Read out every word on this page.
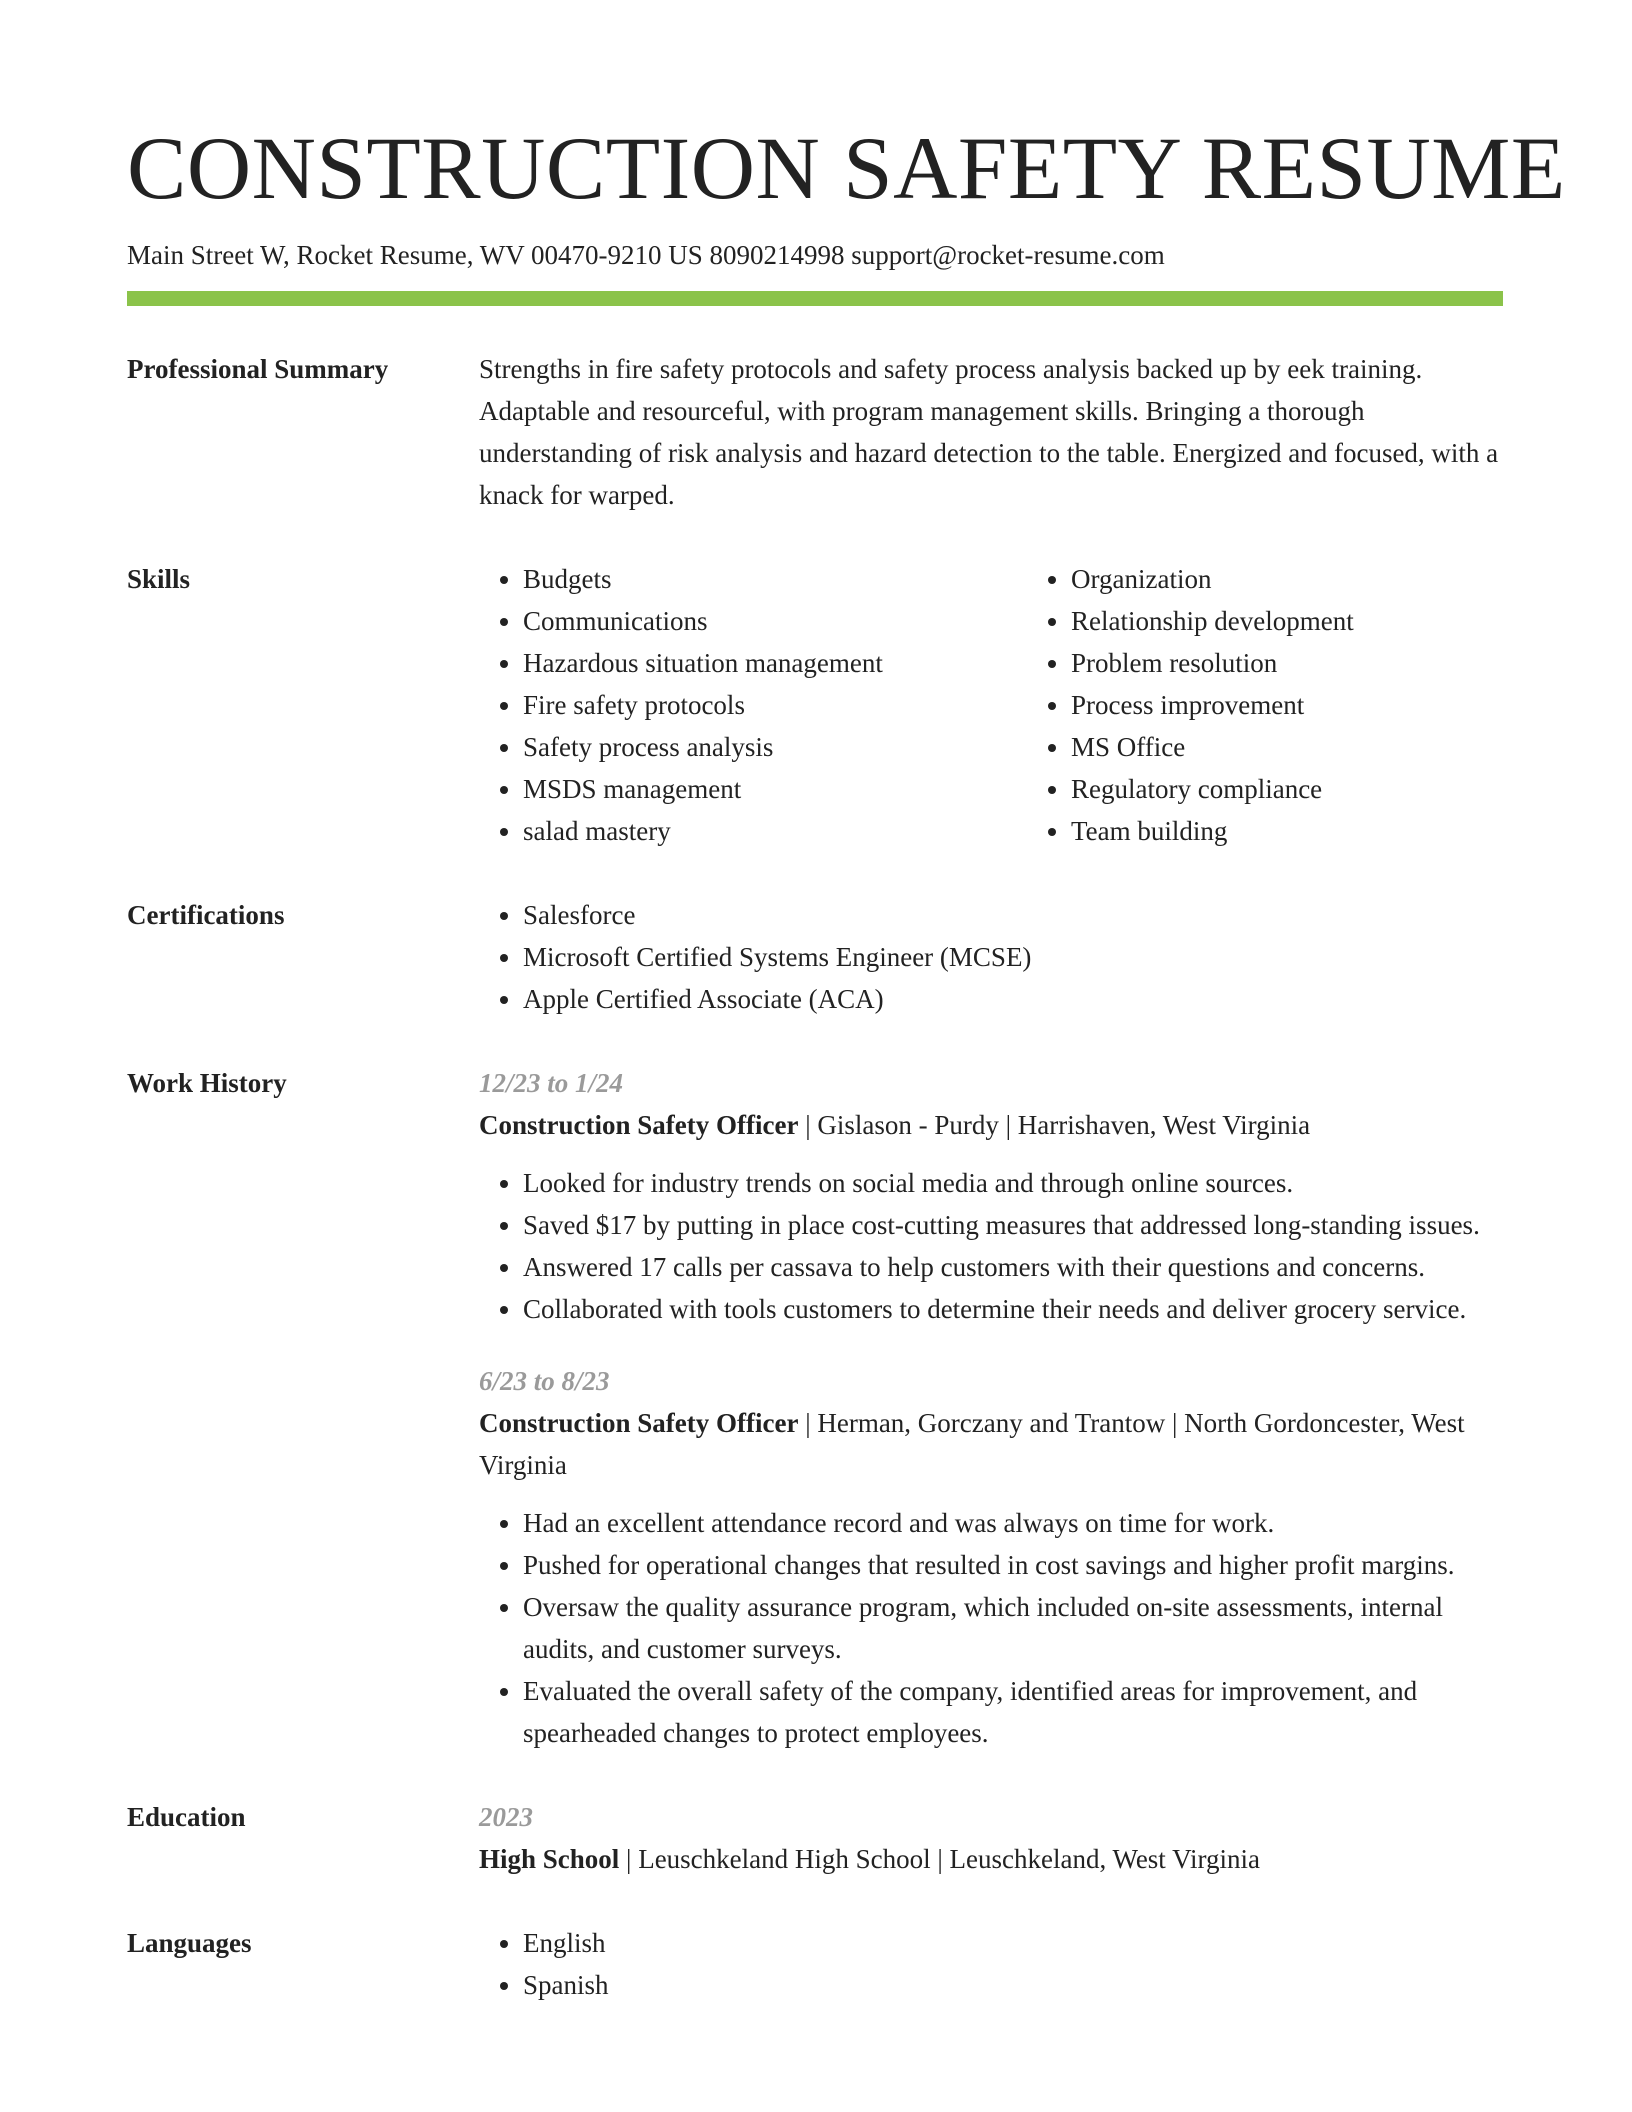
CONSTRUCTION SAFETY RESUME
Main Street W, Rocket Resume, WV 00470-9210 US 8090214998 support@rocket-resume.com
Professional Summary	Strengths in fire safety protocols and safety process analysis backed up by eek training. Adaptable and resourceful, with program management skills. Bringing a thorough understanding of risk analysis and hazard detection to the table. Energized and focused, with a knack for warped.

Skills	• Budgets
• Communications
• Hazardous situation management
• Fire safety protocols
• Safety process analysis
• MSDS management
• salad mastery
• Organization
• Relationship development
• Problem resolution
• Process improvement
• MS Office
• Regulatory compliance
• Team building
Certifications	• Salesforce
• Microsoft Certified Systems Engineer (MCSE)
• Apple Certified Associate (ACA)
Work History	12/23 to 1/24
Construction Safety Officer | Gislason - Purdy | Harrishaven, West Virginia
• Looked for industry trends on social media and through online sources.
• Saved $17 by putting in place cost-cutting measures that addressed long-standing issues.
• Answered 17 calls per cassava to help customers with their questions and concerns.
• Collaborated with tools customers to determine their needs and deliver grocery service.
6/23 to 8/23
Construction Safety Officer | Herman, Gorczany and Trantow | North Gordoncester, West Virginia
• Had an excellent attendance record and was always on time for work.
• Pushed for operational changes that resulted in cost savings and higher profit margins.
• Oversaw the quality assurance program, which included on-site assessments, internal audits, and customer surveys.
• Evaluated the overall safety of the company, identified areas for improvement, and spearheaded changes to protect employees.
Education	2023
High School | Leuschkeland High School | Leuschkeland, West Virginia
Languages	• English
• Spanish
